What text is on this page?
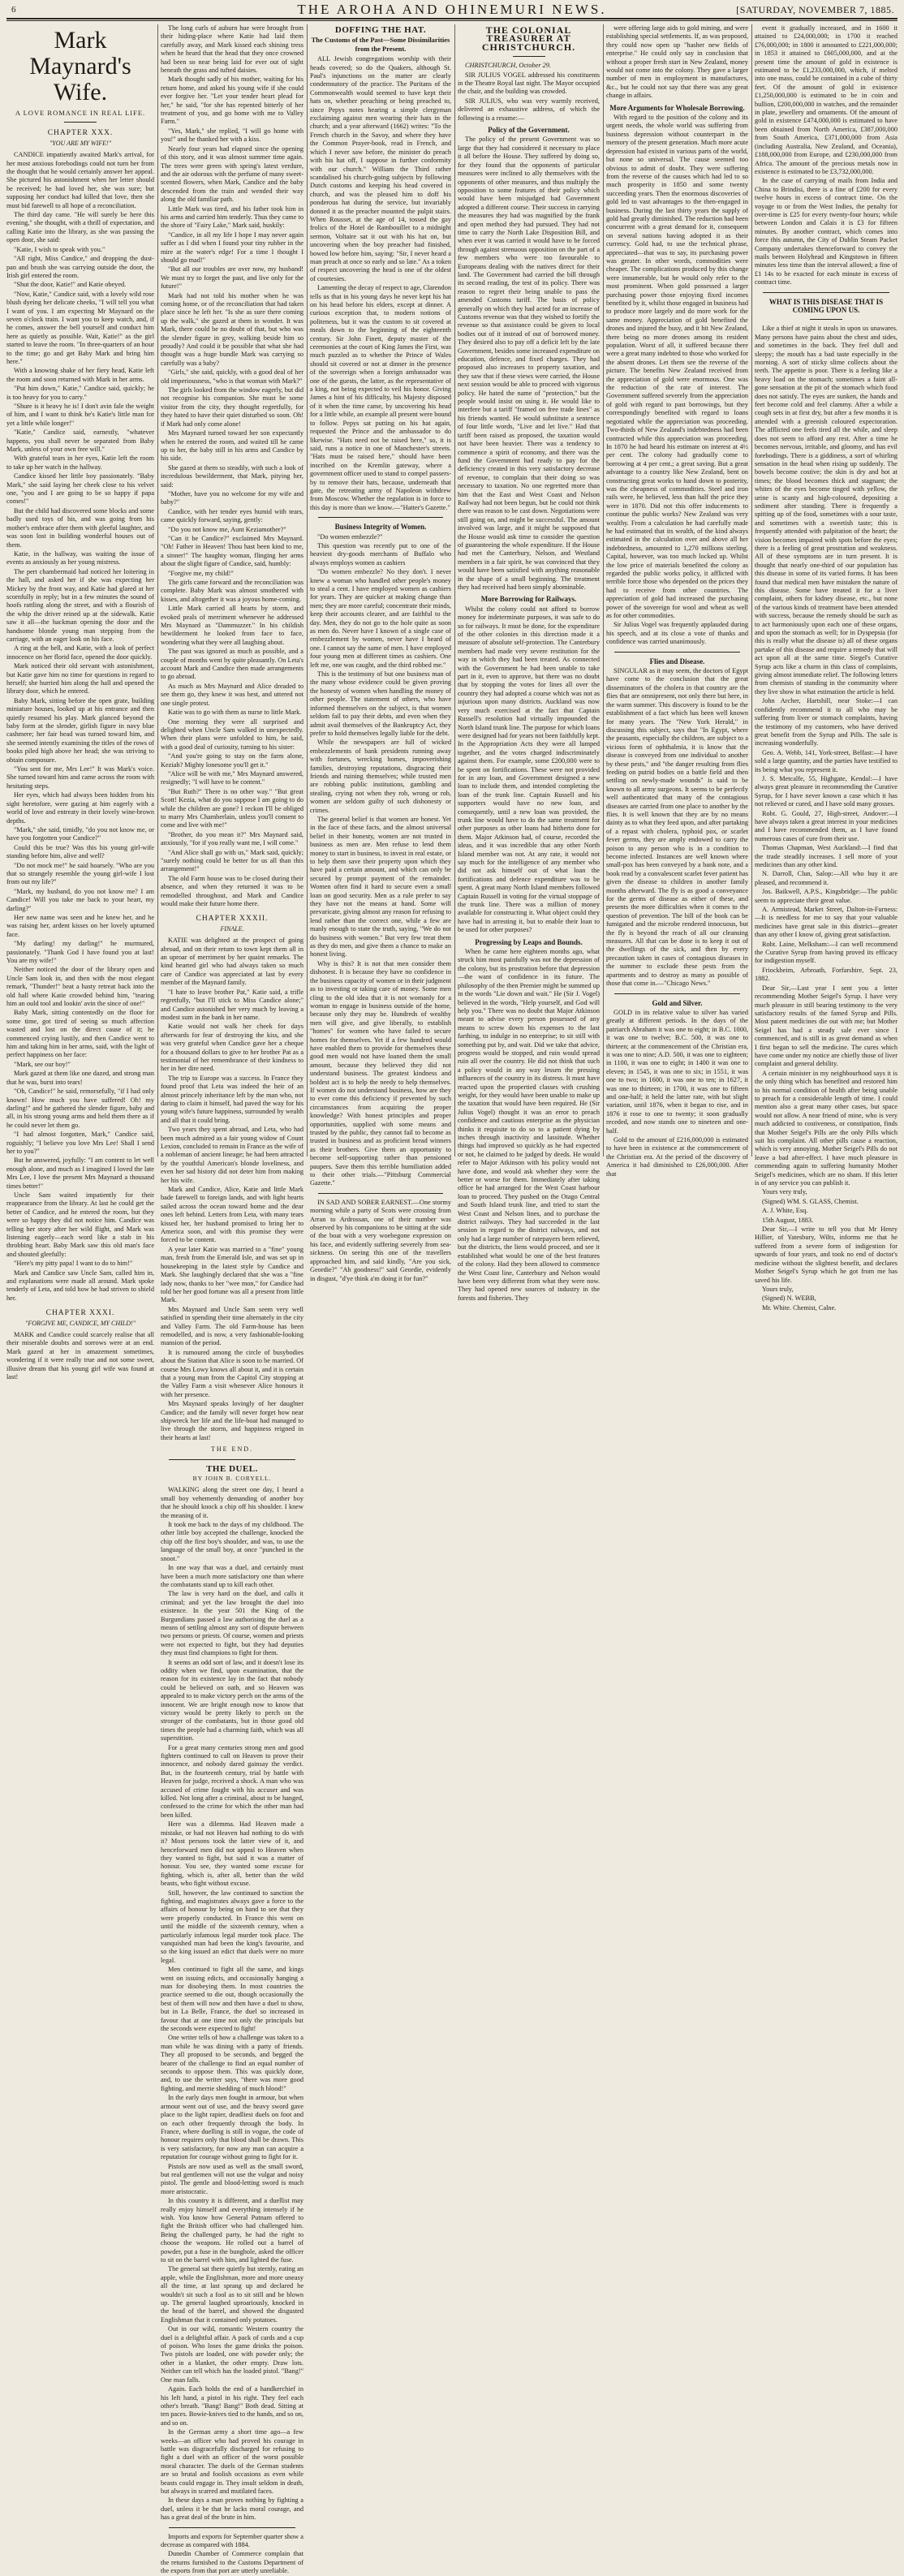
6	THE AROHA AND OHINEMURI NEWS.	[SATURDAY, NOVEMBER 7, 1885.
Mark Maynard's Wife.
A LOVE ROMANCE IN REAL LIFE.
CHAPTER XXX.
"YOU ARE MY WIFE!"

CANDICE impatiently awaited Mark's arrival, for her most anxious forebodings could not turn her from the thought that he would certainly answer her appeal. She pictured his astonishment when her letter should be received; he had loved her, she was sure; but supposing her conduct had killed that love, then she must bid farewell to all hope of a reconciliation.

The third day came. "He will surely be here this evening," she thought, with a thrill of expectation, and calling Katie into the library, as she was passing the open door, she said:

"Katie, I wish to speak with you."

"All right, Miss Candice," and dropping the dust-pan and brush she was carrying outside the door, the Irish girl entered the room.

"Shut the door, Katie!" and Katie obeyed.

"Now, Katie," Candice said, with a lovely wild rose blush dyeing her delicate cheeks, "I will tell you what I want of you. I am expecting Mr Maynard on the seven o'clock train. I want you to keep watch, and, if he comes, answer the bell yourself and conduct him here as quietly as possible. Wait, Katie!" as the girl started to leave the room. "In three-quarters of an hour to the time; go and get Baby Mark and bring him here."

With a knowing shake of her fiery head, Katie left the room and soon returned with Mark in her arms.

"Put him down," Katie," Candice said, quickly; he is too heavy for you to carry."

"Shure is it heavy he is! I don't avin fale the weight of him, and I want to think he's Katie's little man for yet a little while longer!"

"Katie," Candice said, earnestly, "whatever happens, you shall never be separated from Baby Mark, unless of your own free will."

With grateful tears in her eyes, Katie left the room to take up her watch in the hallway.

Candice kissed her little boy passionately. "Baby Mark," she said laying her cheek close to his velvet one, "you and I are going to be so happy if papa comes!"

But the child had discovered some blocks and some badly used toys of his, and was going from his mother's embrace after them with gleeful laughter, and was soon lost in building wonderful houses out of them.

Katie, in the hallway, was waiting the issue of events as anxiously as her young mistress.

The pert chambermaid had noticed her loitering in the hall, and asked her if she was expecting her Mickey by the front way, and Katie had glared at her scornfully in reply; but in a few minutes the sound of hoofs rattling along the street, and with a flourish of the whip the driver reined up at the sidewalk. Katie saw it all—the hackman opening the door and the handsome blonde young man stepping from the carriage, with an eager look on his face.

A ring at the bell, and Katie, with a look of perfect innocence on her florid face, opened the door quickly.

Mark noticed their old servant with astonishment, but Katie gave him no time for questions in regard to herself; she hurried him along the hall and opened the library door, which he entered.

Baby Mark, sitting before the open grate, building miniature houses, looked up at his entrance and then quietly resumed his play. Mark glanced beyond the baby form at the slender, girlish figure in navy blue cashmere; her fair head was turned toward him, and she seemed intently examining the titles of the rows of books piled high above her head; she was striving to obtain composure.

"You sent for me, Mrs Lee!" It was Mark's voice. She turned toward him and came across the room with hesitating steps.

Her eyes, which had always been hidden from his sight heretofore, were gazing at him eagerly with a world of love and entreaty in their lovely wine-brown depths.

"Mark," she said, timidly, "do you not know me, or have you forgotten your Candice?"

Could this be true? Was this his young girl-wife standing before him, alive and well?

"Do not mock me!" he said hoarsely. "Who are you that so strangely resemble the young girl-wife I lost from out my life?"

"Mark, my husband, do you not know me? I am Candice! Will you take me back to your heart, my darling?"

Her new name was seen and he knew her, and he was raising her, ardent kisses on her lovely upturned face.

"My darling! my darling!" he murmured, passionately. "Thank God I have found you at last! You are my wife!"

Neither noticed the door of the library open and Uncle Sam look in, and then with the most elegant remark, "Thunder!" beat a hasty retreat back into the old hall where Katie crowded behind him, "tearing him an ould tool and lookin' avin the since of one!"

Baby Mark, sitting contentedly on the floor for some time, got tired of seeing so much affection wasted and lost on the direct cause of it; he commenced crying lustily, and then Candice went to him and taking him in her arms, said, with the light of perfect happiness on her face:

"Mark, see our boy!"

Mark gazed at them like one dazed, and strong man that he was, burst into tears!

"Oh, Candice!" he said, remorsefully, "if I had only known! How much you have suffered! Oh! my darling!" and he gathered the slender figure, baby and all, in his strong young arms and held them there as if he could never let them go.

"I had almost forgotten, Mark," Candice said, roguishly; "I believe you love Mrs Lee! Shall I send her to you?"

But he answered, joyfully: "I am content to let well enough alone, and much as I imagined I loved the late Mrs Lee, I love the present Mrs Maynard a thousand times better!"

Uncle Sam waited impatiently for their reappearance from the library. At last he could get the better of Candice, and he entered the room, but they were so happy they did not notice him. Candice was telling her story after her wild flight, and Mark was listening eagerly—each word like a stab in his throbbing heart. Baby Mark saw this old man's face and shouted gleefully:

"Here's my pitty papa! I want to do to him!"

Mark and Candice saw Uncle Sam, called him in, and explanations were made all around. Mark spoke tenderly of Leta, and told how he had striven to shield her.

CHAPTER XXXI.
"FORGIVE ME, CANDICE, MY CHILD!"

MARK and Candice could scarcely realise that all their miserable doubts and sorrows were at an end. Mark gazed at her in amazement sometimes, wondering if it were really true and not some sweet, illusive dream that his young girl wife was found at last!

The long curls of auburn hue were brought from their hiding-place where Katie had laid them carefully away, and Mark kissed each shining tress when he heard that the head that they once crowned had been so near being laid for ever out of sight beneath the grass and tufted daisies.

Mark thought sadly of his mother, waiting for his return home, and asked his young wife if she could ever forgive her. "Let your tender heart plead for her," he said, "for she has repented bitterly of her treatment of you, and go home with me to Valley Farm."

"Yes, Mark," she replied, "I will go home with you!" and he thanked her with a kiss.

Nearly four years had elapsed since the opening of this story, and it was almost summer time again. The trees were green with spring's latest verdure, and the air odorous with the perfume of many sweet-scented flowers, when Mark, Candice and the baby descended from the train and wended their way along the old familiar path.

Little Mark was tired, and his father took him in his arms and carried him tenderly. Thus they came to the shore of "Fairy Lake," Mark said, huskily:

"Candice, in all my life I hope I may never again suffer as I did when I found your tiny rubber in the mire at the water's edge! For a time I thought I should go mad!"

"But all our troubles are over now, my husband! We must try to forget the past, and live only for the future!"

Mark had not told his mother when he was coming home, or of the reconciliation that had taken place since he left her. "Is she as sure there coming up the walk," she gazed at them in wonder. It was Mark, there could be no doubt of that, but who was the slender figure in grey, walking beside him so proudly? And could it be possible that what she had thought was a huge bundle Mark was carrying so carefully was a baby?

"Girls," she said, quickly, with a good deal of her old imperiousness, "who is that woman with Mark?"

The girls looked from the window eagerly, but did not recognise his companion. She must be some visitor from the city, they thought regretfully, for they hated to have their quiet disturbed so soon. Oh! if Mark had only come alone!

Mrs Maynard turned toward her son expectantly when he entered the room, and waited till he came up to her, the baby still in his arms and Candice by his side.

She gazed at them so steadily, with such a look of incredulous bewilderment, that Mark, pitying her, said:

"Mother, have you no welcome for my wife and baby?"

Candice, with her tender eyes humid with tears, came quickly forward, saying, gently:

"Do you not know me, Aunt Keziamother?"

"Can it be Candice?" exclaimed Mrs Maynard. "Oh! Father in Heaven! Thou hast been kind to me, a sinner!" The haughty woman, flinging her arms about the slight figure of Candice, said, humbly:

"Forgive me, my child!"

The girls came forward and the reconciliation was complete. Baby Mark was almost smothered with kisses, and altogether it was a joyous home-coming.

Little Mark carried all hearts by storm, and evoked peals of merriment whenever he addressed Mrs Maynard as "Dammuzzer." In his childish bewilderment he looked from face to face, wondering what they were all laughing about.

The past was ignored as much as possible, and a couple of months went by quite pleasantly. On Leta's account Mark and Candice then made arrangements to go abroad.

As much as Mrs Maynard and Alice dreaded to see them go, they knew it was best, and uttered not one single protest.

Katie was to go with them as nurse to little Mark.

One morning they were all surprised and delighted when Uncle Sam walked in unexpectedly. When their plans were unfolded to him, he said, with a good deal of curiosity, turning to his sister:

"And you're going to stay on the farm alone, Keziah? Mighty lonesome you'll get it."

"Alice will be with me," Mrs Maynard answered, resignedly; "I will have to be content."

"But Ruth?" There is no other way." "But great Scott! Kezia, what do you suppose I am going to do while the children are gone? I reckon I'll be obliged to marry Mrs Chamberlain, unless you'll consent to come and live with me!"

"Brother, do you mean it?" Mrs Maynard said, anxiously, "for if you really want me, I will come."

"And Alice shall go with us," Mark said, quickly; "surely nothing could be better for us all than this arrangement!"

The old Farm house was to be closed during their absence, and when they returned it was to be remodelled throughout, and Mark and Candice would make their future home there.

CHAPTER XXXII.
FINALE.

KATIE was delighted at the prospect of going abroad, and on their return to town kept them all in an uproar of merriment by her quaint remarks. The kind hearted girl who had always taken so much care of Candice was appreciated at last by every member of the Maynard family.

"I hate to leave brother Pat," Katie said, a trifle regretfully, "but I'll stick to Miss Candice alone;" and Candice astonished her very much by leaving a modest sum in the bank in her name.

Katie would not walk her cheek for days afterwards for fear of destroying the kiss, and she was very grateful when Candice gave her a cheque for a thousand dollars to give to her brother Pat as a testimonial of her remembrance of their kindness to her in her dire need.

The trip to Europe was a success. In France they found proof that Leta was indeed the heir of an almost princely inheritance left by the man who, not daring to claim it himself, had paved the way for his young wife's future happiness, surrounded by wealth and all that it could bring.

Two years they spent abroad, and Leta, who had been much admired as a fair young widow of Count Lexion, concluded to remain in France as the wife of a nobleman of ancient lineage; he had been attracted by the youthful American's blonde loveliness, and even her sad history did not deter him from making her his wife.

Mark and Candice, Alice, Katie and little Mark bade farewell to foreign lands, and with light hearts sailed across the ocean toward home and the dear ones left behind. Letters from Leta, with many tears kissed her, her husband promised to bring her to America soon, and with this promise they were forced to be content.

A year later Katie was married to a "fine" young man, fresh from the Emerald Isle, and was set up in housekeeping in the latest style by Candice and Mark. She laughingly declared that she was a "fine lady now, thanks to her "wee mon," for Candice had told her her good fortune was all a present from little Mark.

Mrs Maynard and Uncle Sam seem very well satisfied in spending their time alternately in the city and Valley Farm. The old Farm-house has been remodelled, and is now, a very fashionable-looking mansion of the period.

It is rumoured among the circle of busybodies about the Station that Alice is soon to be married. Of course Mrs Lowy knows all about it, and it is certain that a young man from the Capitol City stopping at the Valley Farm a visit whenever Alice honours it with her presence.

Mrs Maynard speaks lovingly of her daughter Candice; and the family will never forget how near shipwreck her life and the life-boat had managed to live through the storm, and happiness reigned in their hearts at last!

THE END.
THE DUEL.
BY JOHN B. CORYELL.

WALKING along the street one day, I heard a small boy vehemently demanding of another boy that he should knock a chip off his shoulder. I knew the meaning of it.

It took me back to the days of my childhood. The other little boy accepted the challenge, knocked the chip off the first boy's shoulder, and was, to use the language of the small boy, at once "punched in the snoot."

In one way that was a duel, and certainly must have been a much more satisfactory one than where the combatants stand up to kill each other.

The law is very hard on the duel, and calls it criminal; and yet the law brought the duel into existence. In the year 501 the King of the Burgundians passed a law authorising the duel as a means of settling almost any sort of dispute between two persons or priests. Of course, women and priests were not expected to fight, but they had deputies they must find champions to fight for them.

It seems an odd sort of law, and it doesn't lose its oddity when we find, upon examination, that the reason for its existence lay in the fact that nobody could be believed on oath, and so Heaven was appealed to to make victory perch on the arms of the innocent. We are bright enough now to know that victory would be pretty likely to perch on the stronger of the combatants, but in those good old times the people had a charming faith, which was all superstition.

For a great many centuries strong men and good fighters continued to call on Heaven to prove their innocence, and nobody dared gainsay the verdict. But, in the fourteenth century, trial by battle with Heaven for judge, received a shock. A man who was accused of crime fought with his accuser and was killed. Not long after a criminal, about to be hanged, confessed to the crime for which the other man had been killed.

Here was a dilemma. Had Heaven made a mistake, or had not Heaven had nothing to do with it? Most persons took the latter view of it, and henceforward men did not appeal to Heaven when they wanted to fight, but said it was a matter of honour. You see, they wanted some excuse for fighting, which is, after all, better than the wild beasts, who fight without excuse.

Still, however, the law continued to sanction the fighting, and magistrates always gave a force to the affairs of honour by being on hand to see that they were properly conducted. In France this went on until the middle of the sixteenth century, when a particularly infamous legal murder took place. The vanquished man had been the king's favourite, and so the king issued an edict that duels were no more legal.

Men continued to fight all the same, and kings went on issuing edicts, and occasionally hanging a man for disobeying them. In most countries the practice seemed to die out, though occasionally the best of them will now and then have a duel to show, but in La Belle, France, the duel so increased in favour that at one time not only the principals but the seconds were expected to fight!

One writer tells of how a challenge was taken to a man while he was dining with a party of friends. They all proposed to be seconds, and begged the bearer of the challenge to find an equal number of seconds to oppose them. This was quickly done, and, to use the writer says, "there was more good fighting, and merrie shedding of much blood!"

In the early days men fought in armour, but when armour went out of use, and the heavy sword gave place to the light rapier, deadliest duels on foot and on each other frequently through the body. In France, where duelling is still in vogue, the code of honour requires only that blood shall be drawn. This is very satisfactory, for now any man can acquire a reputation for courage without going to fight for it.

Pistols are now used as well as the small sword, but real gentlemen will not use the vulgar and noisy pistol. The gentle and blood-letting sword is much more aristocratic.

In this country it is different, and a duellist may really enjoy himself and everything intensely if he wish. You know how General Putnam offered to fight the British officer who had challenged him. Being the challenged party, he had the right to choose the weapons. He rolled out a barrel of powder, put a fuse in the bunghole, asked the officer to sit on the barrel with him, and lighted the fuse.

The general sat there quietly but sternly, eating an apple, while the Englishman, more and more uneasy all the time, at last sprang up and declared he wouldn't sit such a fool as to sit still and be blown up. The general laughed uproariously, knocked in the head of the barrel, and showed the disgusted Englishman that it contained only potatoes.

Out in our wild, romantic Western country the duel is a delightful affair. A pack of cards and a cup of poison. Who loses the game drinks the poison. Two pistols are loaded, one with powder only; the other in a blanket, the other empty. Draw lots. Neither can tell which has the loaded pistol. "Bang!" One man falls.

Again. Each holds the end of a handkerchief in his left hand, a pistol in his right. They feel each other's breath. "Bang! Bang!" Both dead. Sitting at ten paces. Bowie-knives tied to the hands, and so on, and so on.

In the German army a short time ago—a few weeks—an officer who had proved his courage in battle was disgracefully discharged for refusing to fight a duel with an officer of the worst possible moral character. The duels of the German students are so brutal and foolish occasions as even while beasts could engage in. They insult seldom in death, but always in scarred and mutilated faces.

In these days a man proves nothing by fighting a duel, unless it be that he lacks moral courage, and has a great deal of the brute in him.

Imports and exports for September quarter show a decrease as compared with 1884.

Dunedin Chamber of Commerce complain that the returns furnished to the Customs Department of the exports from that port are utterly unreliable.

DOFFING THE HAT.
The Customs of the Past—Some Dissimilarities from the Present.

ALL Jewish congregations worship with their heads covered; so do the Quakers, although St. Paul's injunctions on the matter are clearly condemnatory of the practice. The Puritans of the Commonwealth would seemed to have kept their hats on, whether preaching or being preached to, since Pepys notes hearing a simple clergyman exclaiming against men wearing their hats in the church; and a year afterward (1662) writes: "To the French church in the Savoy, and where they have the Common Prayer-book, read in French, and which I never saw before, the minister do preach with his hat off, I suppose in further conformity with our church." William the Third rather scandalised his church-going subjects by following Dutch customs and keeping his head covered in church, and was the pleased him to doff his ponderous hat during the service, but invariably donned it as the preacher mounted the pulpit stairs. When Rousset, at the age of 14, tossed the gay frolics of the Hotel de Rambouillet to a midnight sermon, Voltaire sat it out with his hat on, but uncovering when the boy preacher had finished, bowed low before him, saying: "Sir, I never heard a man preach at once so early and so late." As a token of respect uncovering the head is one of the oldest of courtesies.

Lamenting the decay of respect to age, Clarendon tells us that in his young days he never kept his hat on his head before his elders, except at dinner. A curious exception that, to modern notions of politeness, but it was the custom to sit covered at meals down to the beginning of the eighteenth century. Sir John Finett, deputy master of the ceremonies at the court of King James the First, was much puzzled as to whether the Prince of Wales should sit covered or not at dinner in the presence of the sovereign when a foreign ambassador was one of the guests, the latter, as the representative of a king, not being expected to veil his honor. Giving James a hint of his difficulty, his Majesty disposed of it when the time came, by uncovering his head for a little while, an example all present were bound to follow. Pepys sat putting on his hat again, requested the Prince and the ambassador to do likewise. "Hats need not be raised here," so, it is said, runs a notice in one of Manchester's streets. "Hats must be raised here," should have been inscribed on the Kremlin gateway, where a government officer used to stand to compel passers-by to remove their hats, because, underneath that gate, the retreating army of Napoleon withdrew from Moscow. Whether the regulation is in force to this day is more than we know.—"Hatter's Gazette."

Business Integrity of Women.

"Do women embezzle?"

This question was recently put to one of the heaviest dry-goods merchants of Buffalo who always employs women as cashiers

"Do women embezzle? No they don't. I never knew a woman who handled other people's money to steal a cent. I have employed women as cashiers for years. They are quicker at making change than men; they are more careful; concentrate their minds, keep their accounts clearer, and are faithful to the day. Men, they do not go to the hole quite as soon as men do. Never have I known of a single case of embezzlement by women, never have I heard of one. I cannot say the same of men. I have employed four young men at different times as cashiers. One left me, one was caught, and the third robbed me."

This is the testimony of but one business man of the many whose evidence could be given proving the honesty of women when handling the money of other people. The statement of others, who have informed themselves on the subject, is that women seldom fail to pay their debts, and even when they admit avail themselves of the Bankruptcy Act, they prefer to hold themselves legally liable for the debt.

While the newspapers are full of wicked embezzlements of bank presidents running away with fortunes, wrecking homes, impoverishing families, destroying reputations, disgracing their friends and ruining themselves; while trusted men are robbing public institutions, gambling and stealing, crying not when they rob, wrong or rob, women are seldom guilty of such dishonesty or crimes.

The general belief is that women are honest. Yet in the face of these facts, and the almost universal belief in their honesty, women are not trusted in business as men are. Men refuse to lend them money to start in business, to invest in real estate, or to help them save their property upon which they have paid a certain amount, and which can only be secured by prompt payment of the remainder. Women often find it hard to secure even a small loan on good security. Men as a rule prefer to say they have not the means at hand. Some will prevaricate, giving almost any reason for refusing to lend rather than the correct one, while a few are manly enough to state the truth, saying, "We do not do business with women." But very few treat them as they do men, and give them a chance to make an honest living.

Why is this? It is not that men consider them dishonest. It is because they have no confidence in the business capacity of women or in their judgment as to investing or taking care of money. Some men cling to the old idea that it is not womanly for a woman to engage in business outside of the home, because only they may be. Hundreds of wealthy men will give, and give liberally, to establish "homes" for women who have failed to secure homes for themselves. Yet if a few hundred would have enabled them to provide for themselves these good men would not have loaned them the small amount, because they believed they did not understand business. The greatest kindness and boldest act is to help the needy to help themselves. If women do not understand business, how are they to ever come this deficiency if prevented by such circumstances from acquiring the proper knowledge? With honest principles and proper opportunities, supplied with some means and trusted by the public, they cannot fail to become as trusted in business and as proficient bread winners as their brothers. Give them an opportunity to become self-supporting rather than pensioned paupers. Save them this terrible humiliation added to their other trials.—"Pittsburg Commercial Gazette."

IN SAD AND SOBER EARNEST.—One stormy morning while a party of Scots were crossing from Arran to Ardrossan, one of their number was observed by his companions to be sitting at the side of the boat with a very woebegone expression on his face, and evidently suffering severely from sea-sickness. On seeing this one of the travellers approached him, and said kindly, "Are you sick, Geordie?" "Ah goodness!" said Geordie, evidently in disgust, "d'ye think a'm doing it for fun?"

THE COLONIAL TREASURER AT CHRISTCHURCH.

CHRISTCHURCH, October 29.

SIR JULIUS VOGEL addressed his constituents in the Theatre Royal last night. The Mayor occupied the chair, and the building was crowded.

SIR JULIUS, who was very warmly received, delivered an exhaustive address, of which the following is a resume:—

Policy of the Government.

The policy of the present Government was so large that they had considered it necessary to place it all before the House. They suffered by doing so, for they found that the opponents of particular measures were inclined to ally themselves with the opponents of other measures, and thus multiply the opposition to some features of their policy which would have been misjudged had Government adopted a different course. Their success in carrying the measures they had was magnified by the frank and open method they had pursued. They had not time to carry the North Lake Disposition Bill, and when ever it was carried it would have to be forced through against strenuous opposition on the part of a few members who were too favourable to Europeans dealing with the natives direct for their land. The Government had carried the bill through its second reading, the test of its policy. There was reason to regret their being unable to pass the amended Customs tariff. The basis of policy generally on which they had acted for an increase of Customs revenue was that they wished to fortify the revenue so that assistance could be given to local bodies out of it instead of out of borrowed money. They desired also to pay off a deficit left by the late Government, besides some increased expenditure on education, defence, and fixed charges. They had proposed also increases to property taxation, and they saw that if these views were carried, the House next session would be able to proceed with vigorous policy. He hated the name of "protection," but the people would insist on using it. He would like to interfere but a tariff "framed on free trade lines" as his friends wanted. He would substitute a sentence of four little words, "Live and let live." Had that tariff been raised as proposed, the taxation would not have been heavier. There was a tendency to commence a spirit of economy, and there was the fund the Government had ready to pay for the deficiency created in this very satisfactory decrease of revenue, to complain that their doing so was necessary to taxation. No one regretted more than him that the East and West Coast and Nelson Railway had not been begun, but he could not think there was reason to be cast down. Negotiations were still going on, and might be successful. The amount involved was large, and it might be supposed that the House would ask time to consider the question of guaranteeing the whole expenditure. If the House had met the Canterbury, Nelson, and Westland members in a fair spirit, he was convinced that they would have been satisfied with anything reasonable in the shape of a small beginning. The treatment they had received had been simply abominable.

More Borrowing for Railways.

Whilst the colony could not afford to borrow money for indeterminate purposes, it was safe to do so for railways. It must be done, for the expenditure of the other colonies in this direction made it a measure of absolute self-protection. The Canterbury members had made very severe restitution for the way in which they had been treated. As connected with the Government he had been unable to take part in it, even to approve, but there was no doubt that by stopping the votes for lines all over the country they had adopted a course which was not as injurious upon many districts. Auckland was now very much exercised at the fact that Captain Russell's resolution had virtually impounded the North Island trunk line. The purpose for which loans were designed had for years not been faithfully kept. In the Appropriation Acts they were all lumped together, and the votes charged indiscriminately against them. For example, some £200,000 were to be spent on fortifications. These were not provided for in any loan, and Government designed a new loan to include them, and intended completing the loan of the trunk line. Captain Russell and his supporters would have no new loan, and consequently, until a new loan was provided, the trunk line would have to do the same treatment for other purposes as other loans had hitherto done for them. Major Atkinson had, of course, recorded the ideas, and it was incredible that any other North Island member was not. At any rate, it would not say much for the intelligence of any member who did not ask himself out of what loan the fortifications and defence expenditure was to be spent. A great many North Island members followed Captain Russell in voting for the virtual stoppage of the trunk line. There was a million of money available for constructing it. What object could they have had in arresting it, but to enable their loan to be used for other purposes?

Progressing by Leaps and Bounds.

When he came here eighteen months ago, what struck him most painfully was not the depression of the colony, but its prostration before that depression—the want of confidence in its future. The philosophy of the then Premier might be summed up in the words "Lie down and wait." He (Sir J. Vogel) believed in the words, "Help yourself, and God will help you." There was no doubt that Major Atkinson meant to advise every person possessed of any means to screw down his expenses to the last farthing, to indulge in no enterprise; to sit still with something put by, and wait. Did we take that advice, progress would be stopped, and ruin would spread ruin all over the country. He did not think that such a policy would in any way lessen the pressing influences of the country in its distress. It must have reacted upon the propertied classes with crushing weight, for they would have been unable to make up the taxation that would have been required. He (Sir Julius Vogel) thought it was an error to preach confidence and cautious enterprise as the physician thinks it requisite to do so to a patient dying by inches through inactivity and lassitude. Whether things had improved so quickly as he had expected or not, he claimed to be judged by deeds. He would refer to Major Atkinson with his policy would not have done, and would ask whether they were the better or worse for them. Immediately after taking office he had arranged for the West Coast harbour loan to proceed. They pushed on the Otago Central and South Island trunk line, and tried to start the West Coast and Nelson lines, and to purchase the district railways. They had succeeded in the last session in regard to the district railways, and not only had a large number of ratepayers been relieved, but the districts, the liens would proceed, and see it established what would be one of the best features of the colony. Had they been allowed to commence the West Coast line, Canterbury and Nelson would have been very different from what they were now. They had opened new sources of industry in the forests and fisheries. They

were offering large aids to gold mining, and were establishing special settlements. If, as was proposed, they could now open up "hasher new fields of enterprise." He could only say in conclusion that without a proper fresh start in New Zealand, money would not come into the colony. They gave a larger number of men in employment in manufactures, &c., but he could not say that there was any great change in affairs.

More Arguments for Wholesale Borrowing.

With regard to the position of the colony and its urgent needs, the whole world was suffering from business depression without counterpart in the memory of the present generation. Much more acute depression had existed in various parts of the world, but none so universal. The cause seemed too obvious to admit of doubt. They were suffering from the reverse of the causes which had led to so much prosperity in 1850 and some twenty succeeding years. Then the enormous discoveries of gold led to vast advantages to the then-engaged in business. During the last thirty years the supply of gold had greatly diminished. The reduction had been concurrent with a great demand for it, consequent on several nations having adopted it as their currency. Gold had, to use the technical phrase, appreciated—that was to say, its purchasing power was greater. In other words, commodities were cheaper. The complications produced by this change were innumerable, but he would only refer to the most prominent. When gold possessed a larger purchasing power those enjoying fixed incomes benefited by it, whilst those engaged in business had to produce more largely and do more work for the same money. Appreciation of gold benefited the drones and injured the busy, and it hit New Zealand, there being no more drones among its resident population. Worst of all, it suffered because there were a great many indebted to those who worked for the absent drones. Let them see the reverse of the picture. The benefits New Zealand received from the appreciation of gold were enormous. One was the reduction of the rate of interest. The Government suffered severely from the appreciation of gold with regard to past borrowings, but they correspondingly benefited with regard to loans negotiated while the appreciation was proceeding. Two-thirds of New Zealand's indebtedness had been contracted while this appreciation was proceeding. In 1870 he had heard his estimate on interest at 4½ per cent. The colony had gradually come to borrowing at 4 per cent.; a great saving. But a great advantage to a country like New Zealand, bent on constructing great works to hand down to posterity, was the cheapness of commodities. Steel and iron rails were, he believed, less than half the price they were in 1870. Did not this offer inducements to continue the public works? New Zealand was very wealthy. From a calculation he had carefully made he had estimated that its wealth, of the kind always estimated in the calculation over and above all her indebtedness, amounted to 1,270 millions sterling. Capital, however, was too much locked up. Whilst the low price of materials benefited the colony as regarded the public works policy, it afflicted with terrible force those who depended on the prices they had to receive from other countries. The appreciation of gold had increased the purchasing power of the sovereign for wool and wheat as well as for other commodities.

Sir Julius Vogel was frequently applauded during his speech, and at its close a vote of thanks and confidence was carried unanimously.

Flies and Disease.

SINGULAR as it may seem, the doctors of Egypt have come to the conclusion that the great disseminators of the cholera in that country are the flies that are omnipresent, not only there but here, in the warm summer. This discovery is found to be the establishment of a fact which has been well known for many years. The "New York Herald," in discussing this subject, says that "In Egypt, where the peasants, especially the children, are subject to a vicious form of ophthalmia, it is know that the disease is conveyed from one individual to another by these pests," and "the danger resulting from flies feeding on putrid bodies on a battle field and then settling on newly-made wounds" is said to be known to all army surgeons. It seems to be perfectly well authenticated that many of the contagious diseases are carried from one place to another by the flies. It is well known that they are by no means dainty as to what they feed upon, and after partaking of a repast with cholera, typhoid pox, or scarlet fever germs, they are amply endowed to carry the poison to any person who is in a condition to become infected. Instances are well known where small-pox has been conveyed by a bank note, and a book read by a convalescent scarlet fever patient has given the disease to children in another family months afterward. The fly is as good a conveyance for the germs of disease as either of these, and presents the more difficulties when it comes to the question of prevention. The bill of the book can be fumigated and the microbe rendered innocuous, but the fly is beyond the reach of all our cleansing measures. All that can be done is to keep it out of the dwellings of the sick, and then by every precaution taken in cases of contagious diseases in the summer to exclude these pests from the apartments and to destroy as many as possible of those that come in.—"Chicago News."

Gold and Silver.

GOLD in its relative value to silver has varied greatly at different periods. In the days of the patriarch Abraham it was one to eight; in B.C. 1000, it was one to twelve; B.C. 500, it was one to thirteen; at the commencement of the Christian era, it was one to nine; A.D. 500, it was one to eighteen; in 1100, it was one to eight; in 1400 it was one to eleven; in 1545, it was one to six; in 1551, it was one to two; in 1600, it was one to ten; in 1627, it was one to thirteen; in 1700, it was one to fifteen and one-half; it held the latter rate, with but slight variation, until 1876, when it began to rise, and in 1876 it rose to one to twenty; it soon gradually receded, and now stands one to nineteen and one-half.

Gold to the amount of £216,000,000 is estimated to have been in existence at the commencement of the Christian era. At the period of the discovery of America it had diminished to £26,000,000. After that

event it gradually increased, and in 1600 it attained to £24,000,000; in 1700 it reached £76,000,000; in 1800 it amounted to £221,000,000; in 1853 it attained to £605,000,000, and at the present time the amount of gold in existence is estimated to be £1,233,000,000, which, if melted into one mass, could be contained in a cube of thirty feet. Of the amount of gold in existence £1,250,000,000 is estimated to be in coin and bullion, £200,000,000 in watches, and the remainder in plate, jewellery and ornaments. Of the amount of gold in existence £474,000,000 is estimated to have been obtained from North America, £387,000,000 from South America, £371,000,000 from Asia (including Australia, New Zealand, and Oceania), £188,000,000 from Europe, and £230,000,000 from Africa. The amount of the precious metals now in existence is estimated to be £3,732,000,000.

In the case of carrying of mails from India and China to Brindisi, there is a fine of £200 for every twelve hours in excess of contract time. On the voyage to or from the West Indies, the penalty for over-time is £25 for every twenty-four hours; while between London and Calais it is £3 for fifteen minutes. By another contract, which comes into force this autumn, the City of Dublin Steam Packet Company undertakes thenceforward to convey the mails between Holyhead and Kingstown in fifteen minutes less time than the interval allowed; a fine of £1 14s to be exacted for each minute in excess of contract time.

WHAT IS THIS DISEASE THAT IS COMING UPON US.

Like a thief at night it steals in upon us unawares. Many persons have pains about the chest and sides, and sometimes in the back. They feel dull and sleepy; the mouth has a bad taste especially in the morning. A sort of sticky slime collects about the teeth. The appetite is poor. There is a feeling like a heavy load on the stomach; sometimes a faint all-gone sensation at the pit of the stomach which food does not satisfy. The eyes are sunken, the hands and feet become cold and feel clammy. After a while a cough sets in at first dry, but after a few months it is attended with a greenish coloured expectoration. The afflicted one feels tired all the while, and sleep does not seem to afford any rest. After a time he becomes nervous, irritable, and gloomy, and has evil forebodings. There is a giddiness, a sort of whirling sensation in the head when rising up suddenly. The bowels become costive; the skin is dry and hot at times; the blood becomes thick and stagnant; the whites of the eyes become tinged with yellow, the urine is scanty and high-coloured, depositing a sediment after standing. There is frequently a spitting up of the food, sometimes with a sour taste, and sometimes with a sweetish taste; this is frequently attended with palpitation of the heart; the vision becomes impaired with spots before the eyes; there is a feeling of great prostration and weakness. All of these symptoms are in turn present. It is thought that nearly one-third of our population has this disease in some of its varied forms. It has been found that medical men have mistaken the nature of this disease. Some have treated it for a liver complaint, others for kidney disease, etc., but none of the various kinds of treatment have been attended with success, because the remedy should be such as to act harmoniously upon each one of these organs, and upon the stomach as well; for in Dyspepsia (for this is really what the disease is) all of these organs partake of this disease and require a remedy that will act upon all at the same time. Siegel's Curative Syrup acts like a charm in this class of complaints, giving almost immediate relief. The following letters from chemists of standing in the community where they live show in what estimation the article is held.

John Archer, Hartshill, near Stoke:—I can confidently recommend it to all who may be suffering from liver or stomach complaints, having the testimony of my customers, who have derived great benefit from the Syrup and Pills. The sale is increasing wonderfully.

Geo. A. Webb, 141, York-street, Belfast:—I have sold a large quantity, and the parties have testified to its being what you represent it.

J. S. Metcalfe, 55, Highgate, Kendal:—I have always great pleasure in recommending the Curative Syrup, for I have never known a case which it has not relieved or cured, and I have sold many grosses.

Robt. G. Gould, 27, High-street, Andover:—I have always taken a great interest in your medicines and I have recommended them, as I have found numerous cases of cure from their use.

Thomas Chapman, West Auckland:—I find that the trade steadily increases. I sell more of your medicines than any other kind.

N. Darroll, Clun, Salop:—All who buy it are pleased, and recommend it.

Jos. Baikwell, A.P.S., Kingsbridge:—The public seem to appreciate their great value.

A. Armistead, Market Street, Dalton-in-Furness:—It is needless for me to say that your valuable medicines have great sale in this district—greater than any other I know of, giving great satisfaction.

Robt. Laine, Melksham:—I can well recommend the Curative Syrup from having proved its efficacy for indigestion myself.

Friockheim, Arbroath, Forfarshire, Sept. 23, 1882.

Dear Sir,—Last year I sent you a letter recommending Mother Seigel's Syrup. I have very much pleasure in still bearing testimony to the very satisfactory results of the famed Syrup and Pills. Most patent medicines die out with me; but Mother Seigel has had a steady sale ever since I commenced, and is still in as great demand as when I first began to sell the medicine. The cures which have come under my notice are chiefly those of liver complaint and general debility.

A certain minister in my neighbourhood says it is the only thing which has benefited and restored him to his normal condition of health after being unable to preach for a considerable length of time. I could mention also a great many other cases, but space would not allow. A near friend of mine, who is very much addicted to costiveness, or constipation, finds that Mother Seigel's Pills are the only Pills which suit his complaint. All other pills cause a reaction, which is very annoying. Mother Seigel's Pills do not leave a bad after-effect. I have much pleasure in commending again to suffering humanity Mother Seigel's medicines, which are no sham. If this letter is of any service you can publish it.

Yours very truly,

(Signed) WM. S. GLASS, Chemist.

A. J. White, Esq.

15th August, 1883.

Dear Sir,—I write to tell you that Mr Henry Hillier, of Yatesbury, Wilts, informs me that he suffered from a severe form of indigestion for upwards of four years, and took no end of doctor's medicine without the slightest benefit, and declares Mother Seigel's Syrup which he got from me has saved his life.

Yours truly,

(Signed) N. WEBB,

Mr. White. Chemist, Calne.
